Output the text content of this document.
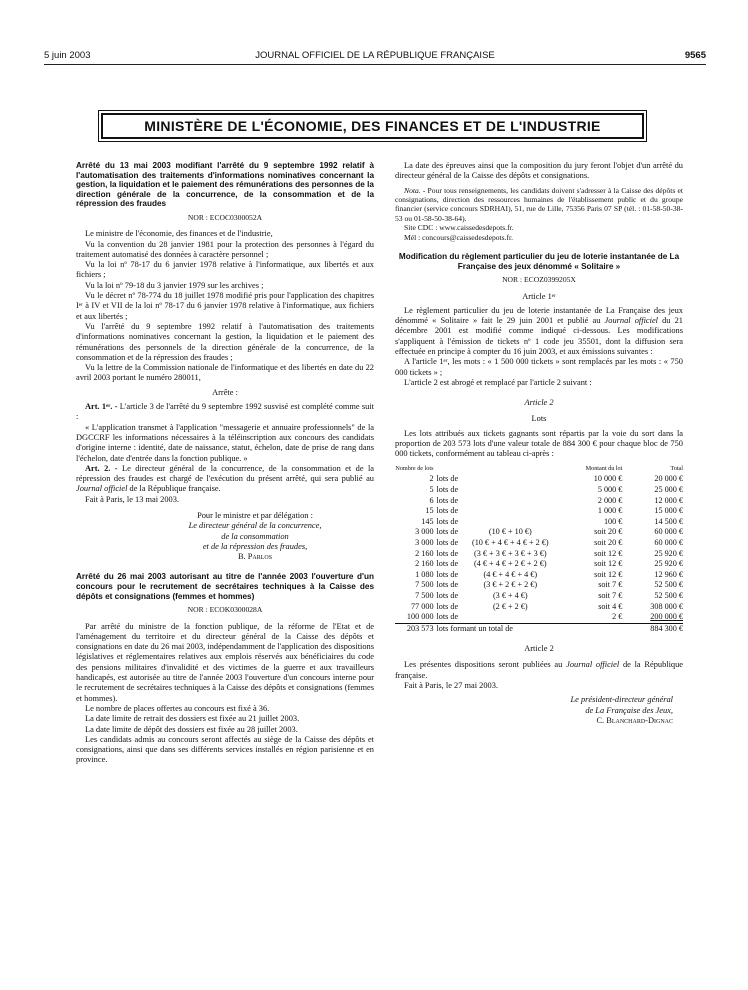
5 juin 2003	JOURNAL OFFICIEL DE LA RÉPUBLIQUE FRANÇAISE	9565
MINISTÈRE DE L'ÉCONOMIE, DES FINANCES ET DE L'INDUSTRIE

Arrêté du 13 mai 2003 modifiant l'arrêté du 9 septembre 1992 relatif à l'automatisation des traitements d'informations nominatives concernant la gestion, la liquidation et le paiement des rémunérations des personnes de la direction générale de la concurrence, de la consommation et de la répression des fraudes

NOR : ECOC0300052A

Le ministre de l'économie, des finances et de l'industrie,

Vu la convention du 28 janvier 1981 pour la protection des personnes à l'égard du traitement automatisé des données à caractère personnel ;

Vu la loi nº 78-17 du 6 janvier 1978 relative à l'informatique, aux libertés et aux fichiers ;

Vu la loi nº 79-18 du 3 janvier 1979 sur les archives ;

Vu le décret nº 78-774 du 18 juillet 1978 modifié pris pour l'application des chapitres Iᵉʳ à IV et VII de la loi nº 78-17 du 6 janvier 1978 relative à l'informatique, aux fichiers et aux libertés ;

Vu l'arrêté du 9 septembre 1992 relatif à l'automatisation des traitements d'informations nominatives concernant la gestion, la liquidation et le paiement des rémunérations des personnels de la direction générale de la concurrence, de la consommation et de la répression des fraudes ;

Vu la lettre de la Commission nationale de l'informatique et des libertés en date du 22 avril 2003 portant le numéro 280011,

Arrête :

Art. 1ᵉʳ. - L'article 3 de l'arrêté du 9 septembre 1992 susvisé est complété comme suit :

« L'application transmet à l'application "messagerie et annuaire professionnels" de la DGCCRF les informations nécessaires à la téléinscription aux concours des candidats d'origine interne : identité, date de naissance, statut, échelon, date de prise de rang dans l'échelon, date d'entrée dans la fonction publique. »

Art. 2. - Le directeur général de la concurrence, de la consommation et de la répression des fraudes est chargé de l'exécution du présent arrêté, qui sera publié au Journal officiel de la République française.

Fait à Paris, le 13 mai 2003.

Pour le ministre et par délégation :

Le directeur général de la concurrence,

de la consommation

et de la répression des fraudes,

B. Parlos

Arrêté du 26 mai 2003 autorisant au titre de l'année 2003 l'ouverture d'un concours pour le recrutement de secrétaires techniques à la Caisse des dépôts et consignations (femmes et hommes)

NOR : ECOK0300028A

Par arrêté du ministre de la fonction publique, de la réforme de l'Etat et de l'aménagement du territoire et du directeur général de la Caisse des dépôts et consignations en date du 26 mai 2003, indépendamment de l'application des dispositions législatives et réglementaires relatives aux emplois réservés aux bénéficiaires du code des pensions militaires d'invalidité et des victimes de la guerre et aux travailleurs handicapés, est autorisée au titre de l'année 2003 l'ouverture d'un concours interne pour le recrutement de secrétaires techniques à la Caisse des dépôts et consignations (femmes et hommes).

Le nombre de places offertes au concours est fixé à 36.

La date limite de retrait des dossiers est fixée au 21 juillet 2003.

La date limite de dépôt des dossiers est fixée au 28 juillet 2003.

Les candidats admis au concours seront affectés au siège de la Caisse des dépôts et consignations, ainsi que dans ses différents services installés en région parisienne et en province.

La date des épreuves ainsi que la composition du jury feront l'objet d'un arrêté du directeur général de la Caisse des dépôts et consignations.

Nota. - Pour tous renseignements, les candidats doivent s'adresser à la Caisse des dépôts et consignations, direction des ressources humaines de l'établissement public et du groupe financier (service concours SDRHAI), 51, rue de Lille, 75356 Paris 07 SP (tél. : 01-58-50-38-53 ou 01-58-50-38-64).

Site CDC : www.caissedesdepots.fr.

Mél : concours@caissedesdepots.fr.

Modification du règlement particulier du jeu de loterie instantanée de La Française des jeux dénommé « Solitaire »

NOR : ECOZ0399205X

Article 1ᵉʳ

Le règlement particulier du jeu de loterie instantanée de La Française des jeux dénommé « Solitaire » fait le 29 juin 2001 et publié au Journal officiel du 21 décembre 2001 est modifié comme indiqué ci-dessous. Les modifications s'appliquent à l'émission de tickets nº 1 code jeu 35501, dont la diffusion sera effectuée en principe à compter du 16 juin 2003, et aux émissions suivantes :

A l'article 1ᵉʳ, les mots : « 1 500 000 tickets » sont remplacés par les mots : « 750 000 tickets » ;

L'article 2 est abrogé et remplacé par l'article 2 suivant :

Article 2

Lots

Les lots attribués aux tickets gagnants sont répartis par la voie du sort dans la proportion de 203 573 lots d'une valeur totale de 884 300 € pour chaque bloc de 750 000 tickets, conformément au tableau ci-après :

Nombre de lots			Montant du lot	Total
2	lots de		10 000 €	20 000 €
5	lots de		5 000 €	25 000 €
6	lots de		2 000 €	12 000 €
15	lots de		1 000 €	15 000 €
145	lots de		100 €	14 500 €
3 000	lots de	(10 € + 10 €)	soit 20 €	60 000 €
3 000	lots de	(10 € + 4 € + 4 € + 2 €)	soit 20 €	60 000 €
2 160	lots de	(3 € + 3 € + 3 € + 3 €)	soit 12 €	25 920 €
2 160	lots de	(4 € + 4 € + 2 € + 2 €)	soit 12 €	25 920 €
1 080	lots de	(4 € + 4 € + 4 €)	soit 12 €	12 960 €
7 500	lots de	(3 € + 2 € + 2 €)	soit 7 €	52 500 €
7 500	lots de	(3 € + 4 €)	soit 7 €	52 500 €
77 000	lots de	(2 € + 2 €)	soit 4 €	308 000 €
100 000	lots de		2 €	200 000 €
203 573	lots formant un total de			884 300 €

Article 2

Les présentes dispositions seront publiées au Journal officiel de la République française.

Fait à Paris, le 27 mai 2003.

Le président-directeur général

de La Française des Jeux,

C. Blanchard-Dignac
